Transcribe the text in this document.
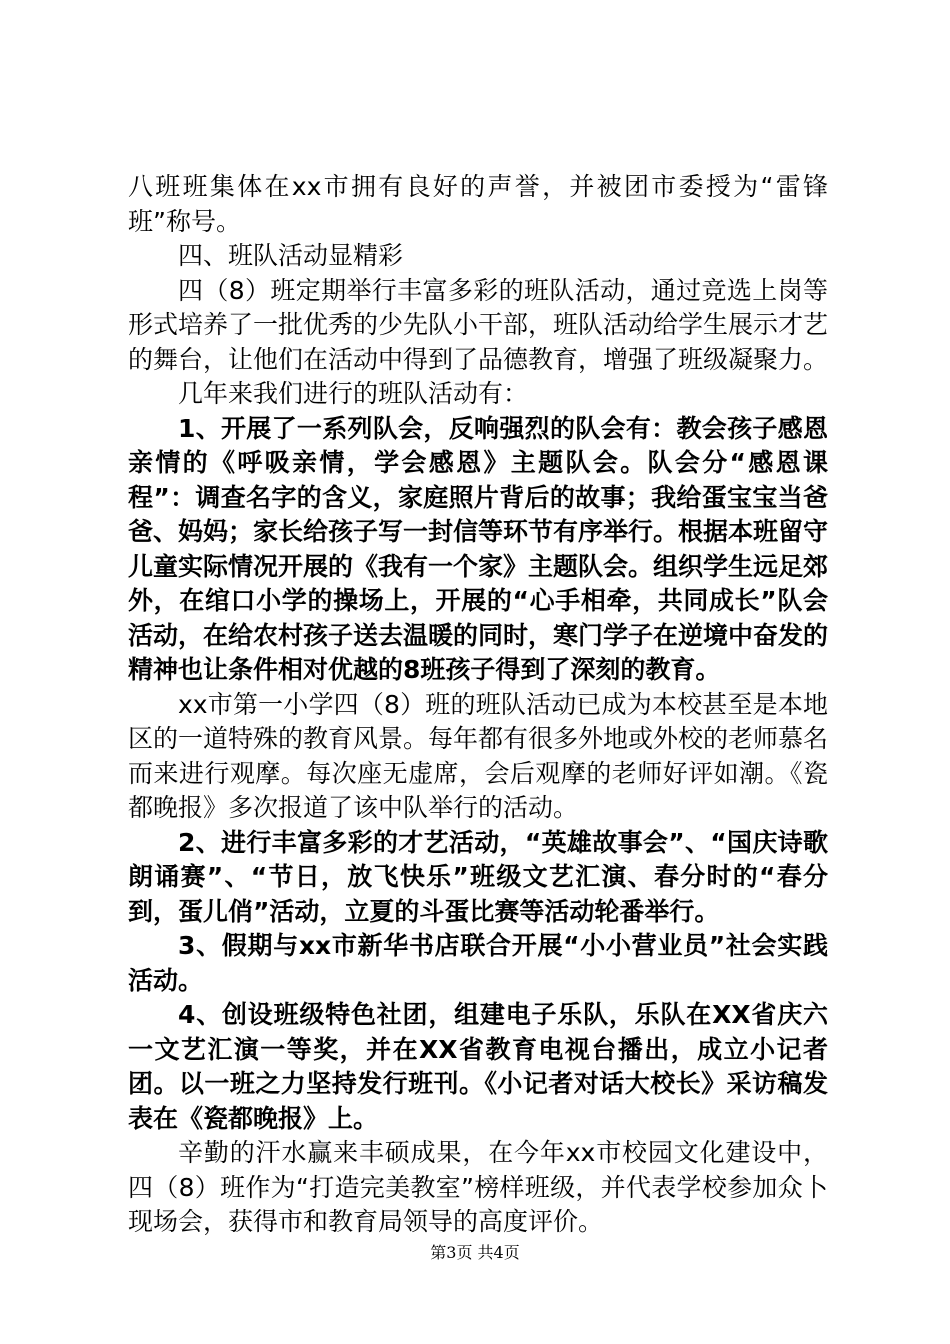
八班班集体在xx市拥有良好的声誉，并被团市委授为“雷锋班”称号。

四、班队活动显精彩

四（8）班定期举行丰富多彩的班队活动，通过竞选上岗等形式培养了一批优秀的少先队小干部，班队活动给学生展示才艺的舞台，让他们在活动中得到了品德教育，增强了班级凝聚力。

几年来我们进行的班队活动有：

1、开展了一系列队会，反响强烈的队会有：教会孩子感恩亲情的《呼吸亲情，学会感恩》主题队会。队会分“感恩课程”：调查名字的含义，家庭照片背后的故事；我给蛋宝宝当爸爸、妈妈；家长给孩子写一封信等环节有序举行。根据本班留守儿童实际情况开展的《我有一个家》主题队会。组织学生远足郊外，在绾口小学的操场上，开展的“心手相牵，共同成长”队会活动，在给农村孩子送去温暖的同时，寒门学子在逆境中奋发的精神也让条件相对优越的8班孩子得到了深刻的教育。

xx市第一小学四（8）班的班队活动已成为本校甚至是本地区的一道特殊的教育风景。每年都有很多外地或外校的老师慕名而来进行观摩。每次座无虚席，会后观摩的老师好评如潮。《瓷都晚报》多次报道了该中队举行的活动。

2、进行丰富多彩的才艺活动，“英雄故事会”、“国庆诗歌朗诵赛”、“节日，放飞快乐”班级文艺汇演、春分时的“春分到，蛋儿俏”活动，立夏的斗蛋比赛等活动轮番举行。

3、假期与xx市新华书店联合开展“小小营业员”社会实践活动。

4、创设班级特色社团，组建电子乐队，乐队在XX省庆六一文艺汇演一等奖，并在XX省教育电视台播出，成立小记者团。以一班之力坚持发行班刊。《小记者对话大校长》采访稿发表在《瓷都晚报》上。

辛勤的汗水赢来丰硕成果，在今年xx市校园文化建设中，四（8）班作为“打造完美教室”榜样班级，并代表学校参加众卜现场会，获得市和教育局领导的高度评价。

第3页 共4页
